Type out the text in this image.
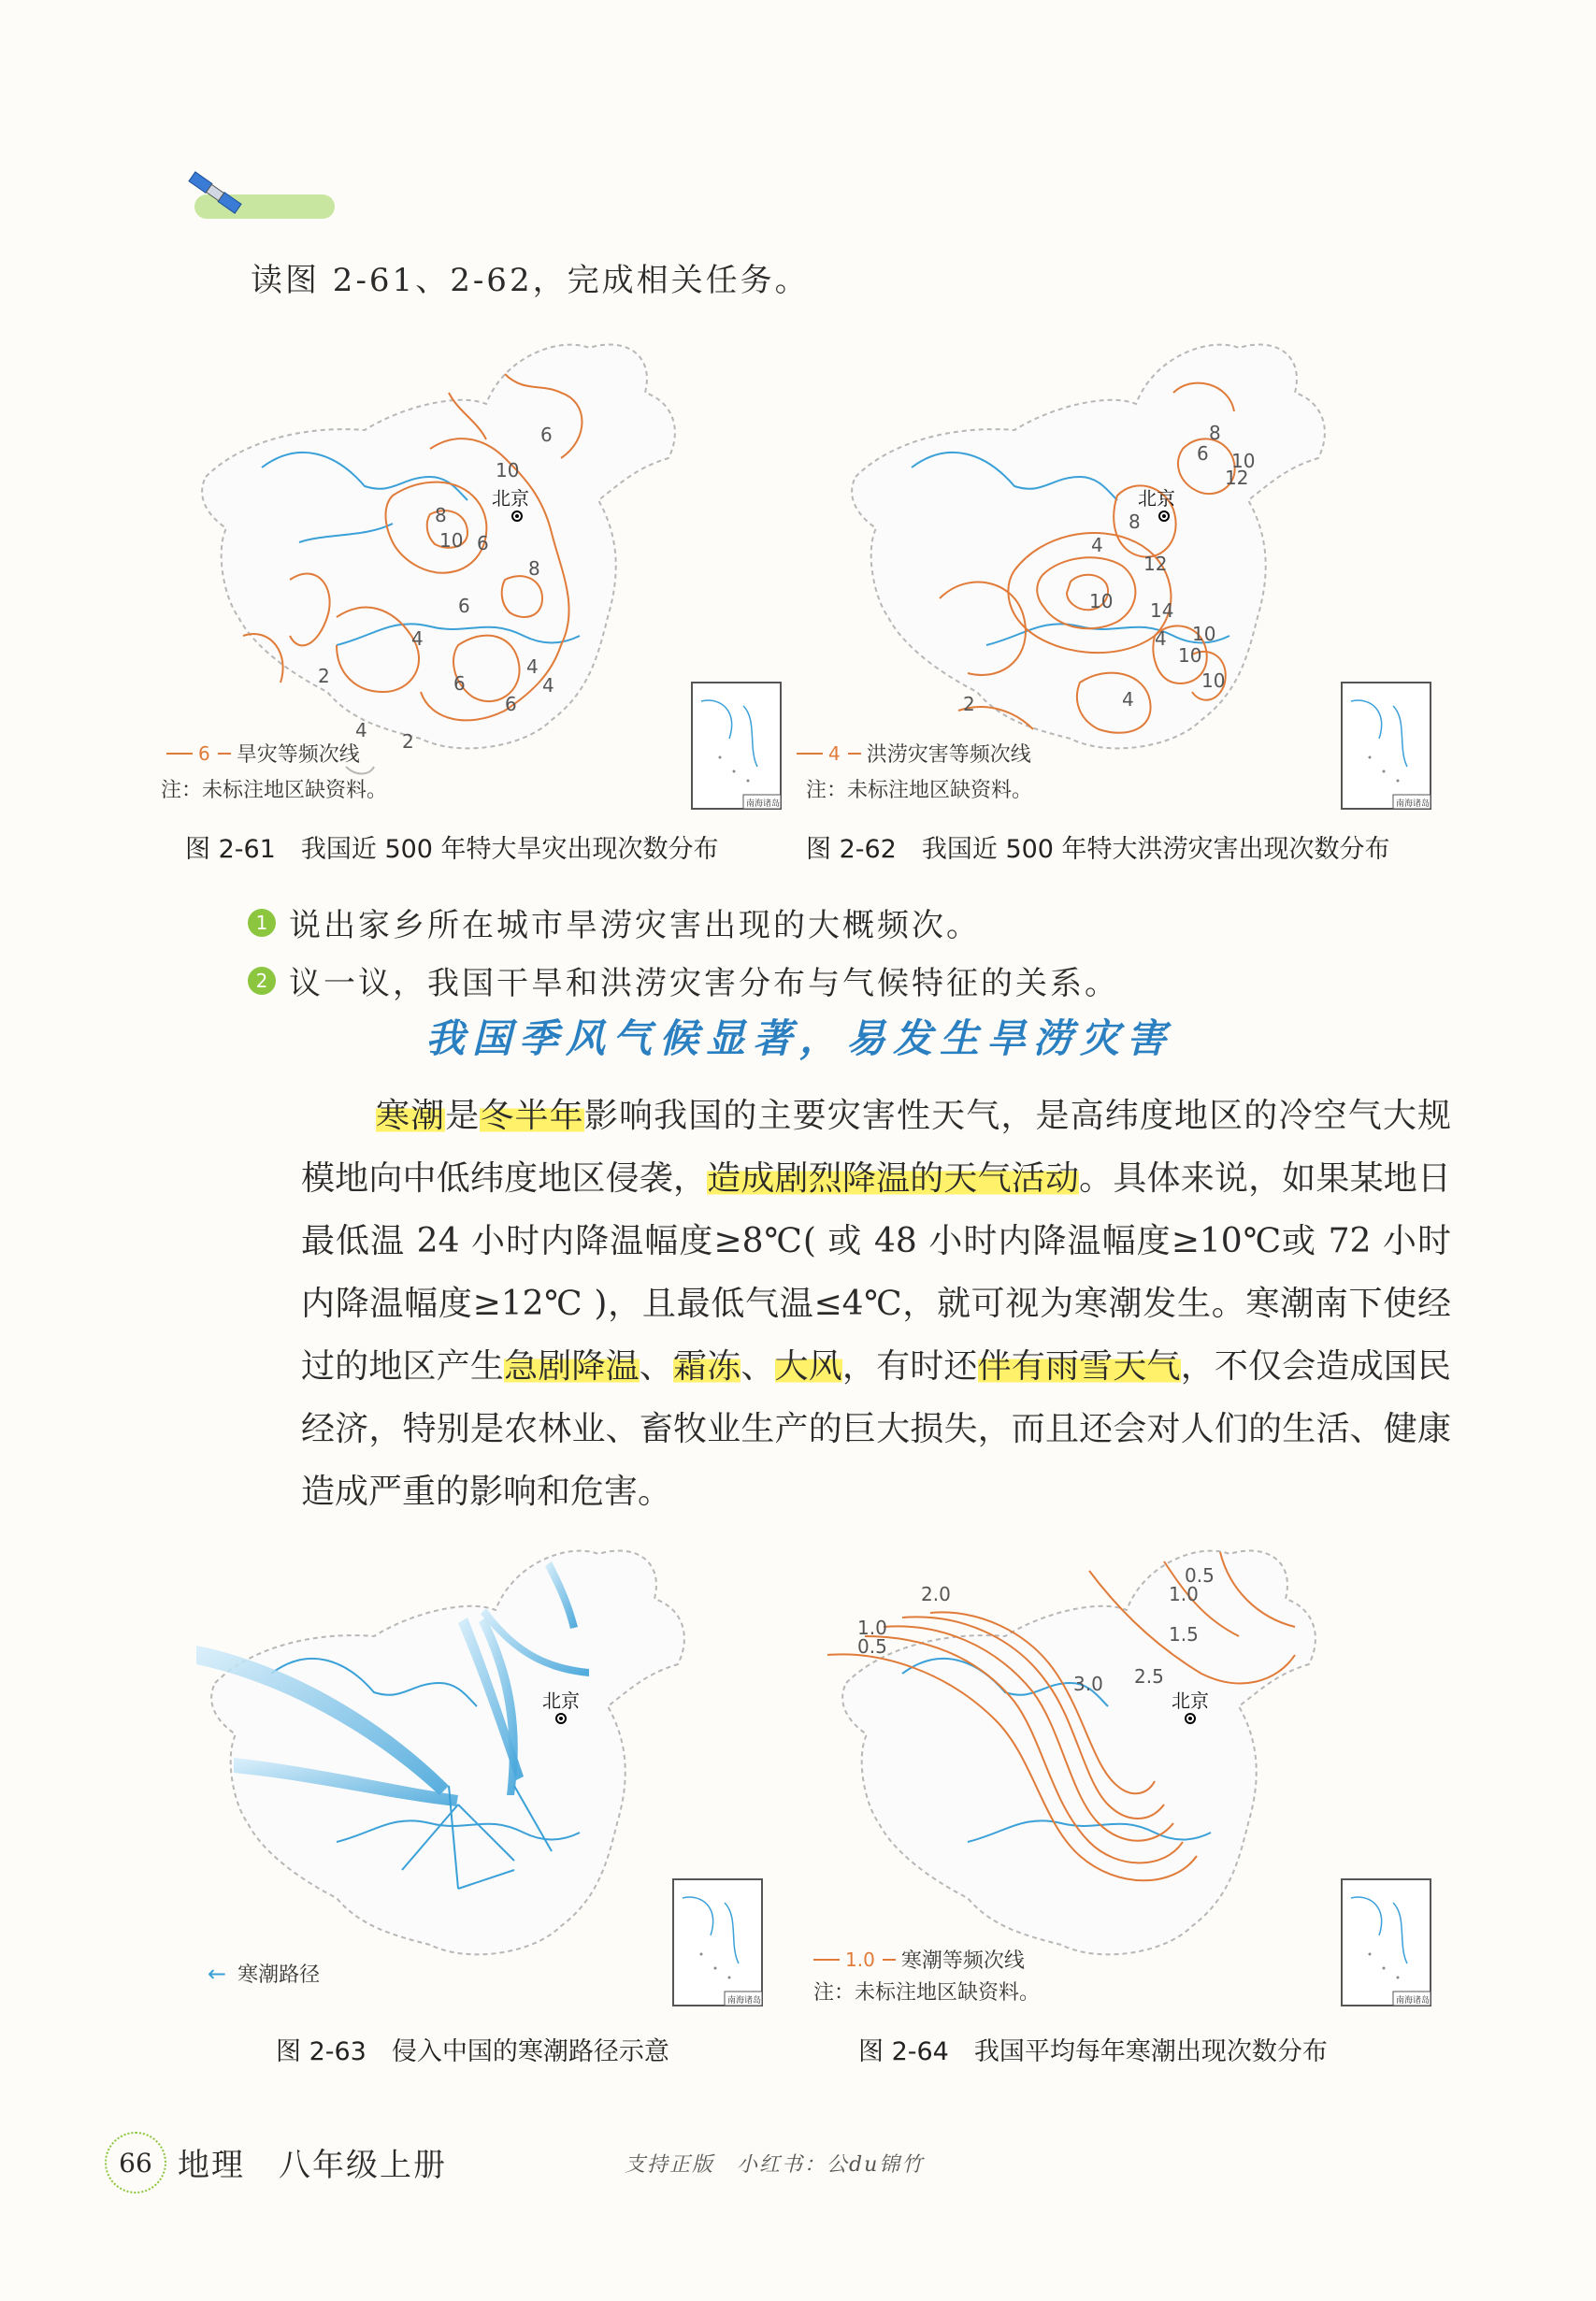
读图 2-61、2-62，完成相关任务。
北京
6
10
8
10 6
8
6
6
4
2
4
2
4
6
4
南海诸岛
6 旱灾等频次线
注：未标注地区缺资料。
图 2-61　我国近 500 年特大旱灾出现次数分布
北京
8
6 10
12
4
8
12
10 14
10
4
10
2	4
10
南海诸岛
4 洪涝灾害等频次线
注：未标注地区缺资料。
图 2-62　我国近 500 年特大洪涝灾害出现次数分布
1 说出家乡所在城市旱涝灾害出现的大概频次。
2 议一议，我国干旱和洪涝灾害分布与气候特征的关系。
我国季风气候显著，易发生旱涝灾害

寒潮是冬半年影响我国的主要灾害性天气，是高纬度地区的冷空气大规模地向中低纬度地区侵袭，造成剧烈降温的天气活动。具体来说，如果某地日最低温 24 小时内降温幅度≥8℃( 或 48 小时内降温幅度≥10℃或 72 小时内降温幅度≥12℃ )，且最低气温≤4℃，就可视为寒潮发生。寒潮南下使经过的地区产生急剧降温、霜冻、大风，有时还伴有雨雪天气，不仅会造成国民经济，特别是农林业、畜牧业生产的巨大损失，而且还会对人们的生活、健康造成严重的影响和危害。

北京
南海诸岛
← 寒潮路径
图 2-63　侵入中国的寒潮路径示意
北京
2.0
1.0
0.5
0.5
1.0
1.5
3.0 2.5
南海诸岛
1.0 寒潮等频次线
注：未标注地区缺资料。
图 2-64　我国平均每年寒潮出现次数分布
66 地理　八年级上册	支持正版　小红书：公du锦竹
